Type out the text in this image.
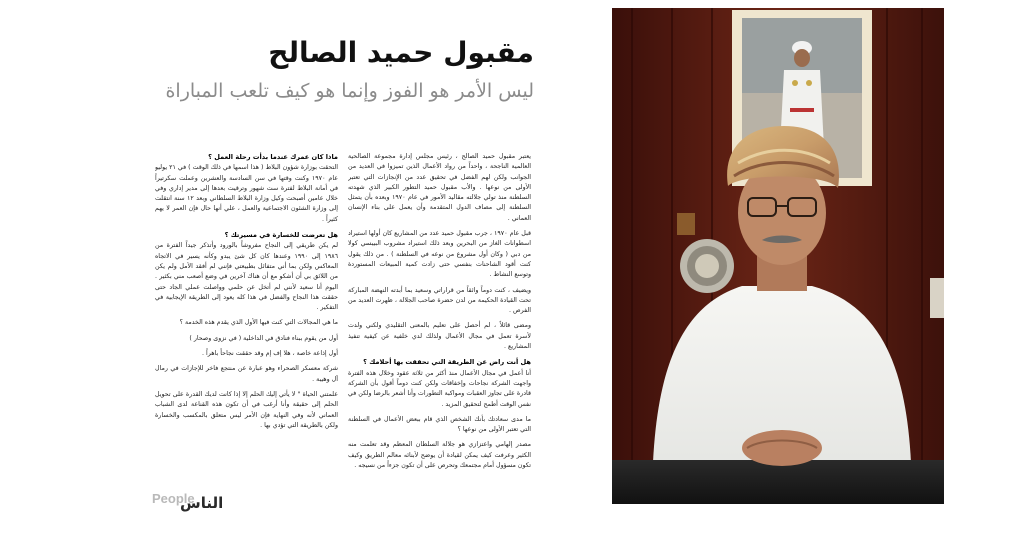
مقبول حميد الصالح
ليس الأمر هو الفوز وإنما هو كيف تلعب المباراة

يعتبر مقبول حميد الصالح ، رئيس مجلس إدارة مجموعة الصالحية العالمية الناجحة ، واحداً من رواد الأعمال الذين تميزوا في العديد من الجوانب ولكن لهم الفضل في تحقيق عدد من الإنجازات التي تعتبر الأولى من نوعها . والأب مقبول حميد التطور الكبير الذي شهدته السلطنة منذ تولي جلالته مقاليد الأمور في عام ١٩٧٠ وبعده بأن يتمثل السلطنة إلى مصاف الدول المتقدمة وأن يعمل على بناء الإنسان العماني .

قبل عام ١٩٧٠ ، جرب مقبول حميد عدد من المشاريع كان أولها استيراد اسطوانات الغاز من البحرين وبعد ذلك استيراد مشروب البيبسي كولا من دبي ( وكان أول مشروع من نوعه في السلطنة ) . من ذلك يقول كنت أقود الشاحنات بنفسي حتى زادت كمية المبيعات المستوردة وتوسع النشاط .

ويضيف ، كنت دوماً وائقاً من قراراتي وسعيد بما أبدته النهضة المباركة تحت القيادة الحكيمة من لدن حضرة صاحب الجلالة ، ظهرت العديد من الفرص .

ومضى قائلاً ، لم أحصل على تعليم بالمعنى التقليدي ولكني ولدت لأسرة تعمل في مجال الأعمال ولذلك لدي خلفية عن كيفية تنفيذ المشاريع .

هل أنت راض عن الطريقة التي تحققت بها أحلامك ؟

أنا أعمل في مجال الأعمال منذ أكثر من ثلاثة عقود وخلال هذه الفترة واجهت الشركة نجاحات وإخفاقات ولكن كنت دوماً أقول بأن الشركة قادرة على تجاوز العقبات ومواكبة التطورات وأنا أشعر بالرضا ولكن في نفس الوقت أطمح لتحقيق المزيد .

ما مدى سعادتك بأنك الشخص الذي قام ببعض الأعمال في السلطنة التي تعتبر الأولى من نوعها ؟

مصدر إلهامي واعتزازي هو جلالة السلطان المعظم وقد تعلمت منه الكثير وعرفت كيف يمكن لقيادة أن يوضح لأبنائه معالم الطريق وكيف تكون مسؤول أمام مجتمعك وتحرص على أن تكون جزءاً من نسيجه .

ماذا كان عمرك عندما بدأت رحلة العمل ؟

التحقت بوزارة شؤون البلاط ( هذا اسمها في ذلك الوقت ) في ٢١ يوليو عام ١٩٧٠ وكنت وقتها في سن السادسة والعشرين وعملت سكرتيراً في أمانة البلاط لفترة ست شهور وترقيت بعدها إلى مدير إداري وفي خلال عامين أصبحت وكيل وزارة البلاط السلطاني وبعد ١٢ سنة انتقلت إلى وزارة الشئون الاجتماعية والعمل ، علي أنها حال فإن العمر لا يهم كثيراً .

هل تعرضت للخسارة في مسيرتك ؟

لم يكن طريقي إلى النجاح مفروشاً بالورود وأتذكر جيداً الفترة من ١٩٨٦ إلى ١٩٩٠ وعندها كان كل شئ يبدو وكأنه يسير في الاتجاه المعاكس ولكن بما أني متفائل بطبيعتي فإنني لم أفقد الأمل ولم يكن من اللائق بي أن أشكو مع أن هناك آخرين في وضع أصعب مني بكثير . اليوم أنا سعيد لأنني لم أتخل عن حلمي وواصلت عملي الجاد حتى حققت هذا النجاح والفضل في هذا كله يعود إلى الطريقة الإيجابية في التفكير .

ما هي المجالات التي كنت فيها الأول الذي يقدم هذه الخدمة ؟

أول من يقوم ببناء فنادق في الداخلية ( في نزوى وصحار )

أول إذاعة خاصة ، هلا إف إم وقد حققت نجاحاً باهراً .

شركة معسكر الصحراء وهو عبارة عن منتجع فاخر للإجازات في رمال آل وهيبة .

علمتني الحياة " لا يأتي إليك الحلم إلا إذا كانت لديك القدرة على تحويل الحلم إلى حقيقة وأنا أرغب في أن تكون هذه القناعة لدى الشباب العماني لأنه وفي النهاية فإن الأمر ليس متعلق بالمكسب والخسارة ولكن بالطريقة التي تؤدي بها .

People
الناس
